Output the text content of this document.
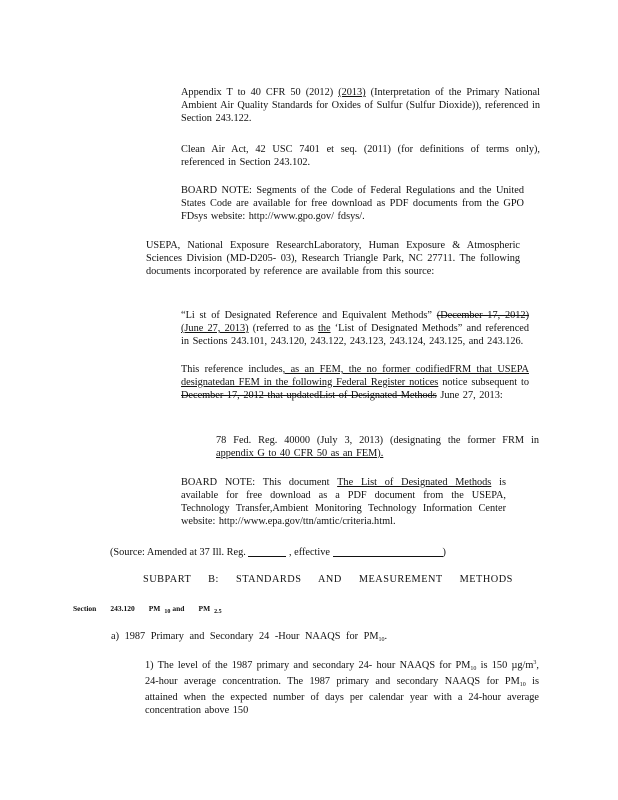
Appendix T to 40 CFR 50 (2012) (2013) (Interpretation of the Primary National Ambient Air Quality Standards for Oxides of Sulfur (Sulfur Dioxide)), referenced in Section 243.122.

Clean Air Act, 42 USC 7401 et seq. (2011) (for definitions of terms only), referenced in Section 243.102.

BOARD NOTE: Segments of the Code of Federal Regulations and the United States Code are available for free download as PDF documents from the GPO FDsys website: http://www.gpo.gov/ fdsys/.

USEPA, National Exposure ResearchLaboratory, Human Exposure & Atmospheric Sciences Division (MD-D205- 03), Research Triangle Park, NC 27711. The following documents incorporated by reference are available from this source:

“Li st of Designated Reference and Equivalent Methods” (December 17, 2012) (June 27, 2013) (referred to as the ‘List of Designated Methods” and referenced in Sections 243.101, 243.120, 243.122, 243.123, 243.124, 243.125, and 243.126.

This reference includes, as an FEM, the no former codifiedFRM that USEPA designatedan FEM in the following Federal Register notices notice subsequent to December 17, 2012 that updatedList of Designated Methods June 27, 2013:

78 Fed. Reg. 40000 (July 3, 2013) (designating the former FRM in appendix G to 40 CFR 50 as an FEM).

BOARD NOTE: This document The List of Designated Methods is available for free download as a PDF document from the USEPA, Technology Transfer,Ambient Monitoring Technology Information Center website: http://www.epa.gov/ttn/amtic/criteria.html.

(Source: Amended at 37 Ill. Reg.	, effective	)
SUBPART B: STANDARDS AND MEASUREMENT METHODS
Section 243.120 PM $_{10}$ and PM $_{2.5}$
a) 1987 Primary and Secondary 24 -Hour NAAQS for $PM_{10}$.

1) The level of the 1987 primary and secondary 24- hour NAAQS for $PM_{10}$ is 150 $\mu g/m^3$, 24-hour average concentration. The 1987 primary and secondary NAAQS for $PM_{10}$ is attained when the expected number of days per calendar year with a 24-hour average concentration above 150
